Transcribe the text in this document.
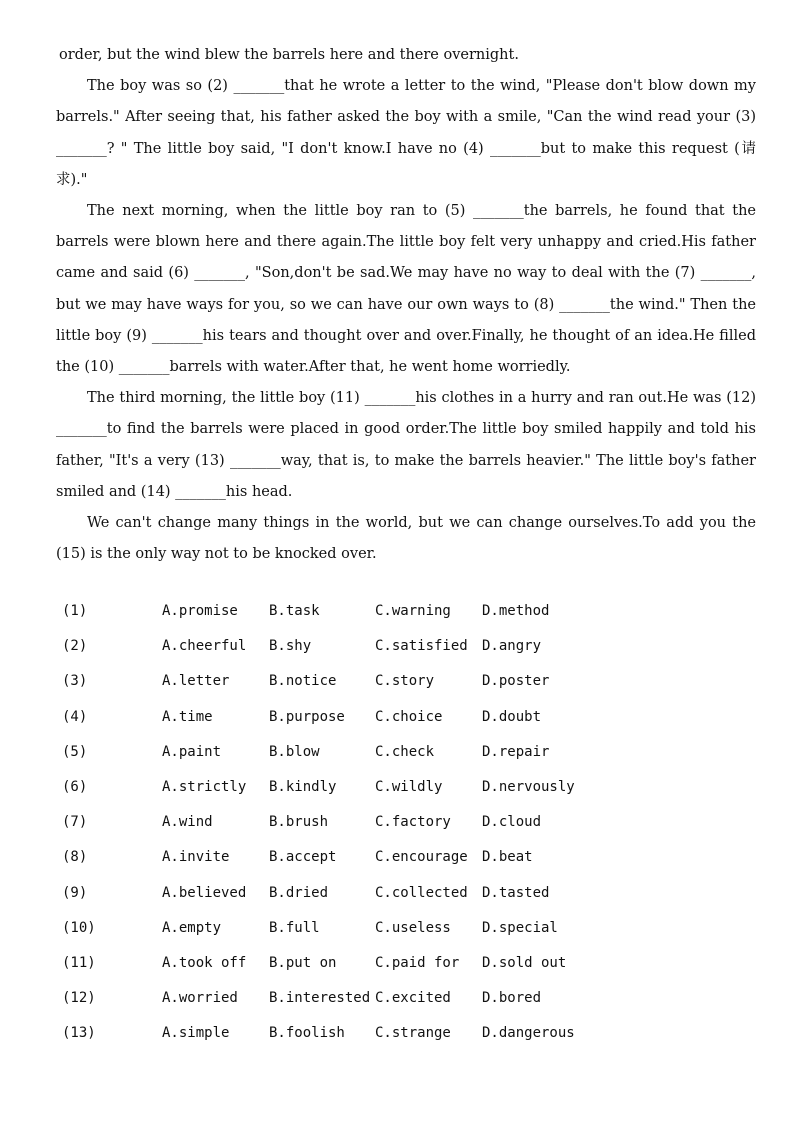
order, but the wind blew the barrels here and there overnight.

The boy was so (2) _______that he wrote a letter to the wind, "Please don't blow down my barrels." After seeing that, his father asked the boy with a smile, "Can the wind read your (3) _______? " The little boy said, "I don't know.I have no (4) _______but to make this request (请求)."

The next morning, when the little boy ran to (5) _______the barrels, he found that the barrels were blown here and there again.The little boy felt very unhappy and cried.His father came and said (6) _______, "Son,don't be sad.We may have no way to deal with the (7) _______, but we may have ways for you, so we can have our own ways to (8) _______the wind." Then the little boy (9) _______his tears and thought over and over.Finally, he thought of an idea.He filled the (10) _______barrels with water.After that, he went home worriedly.

The third morning, the little boy (11) _______his clothes in a hurry and ran out.He was (12) _______to find the barrels were placed in good order.The little boy smiled happily and told his father, "It's a very (13) _______way, that is, to make the barrels heavier." The little boy's father smiled and (14) _______his head.

We can't change many things in the world, but we can change ourselves.To add you the (15) is the only way not to be knocked over.

(1)	A.promise B.task	C.warning D.method
(2)	A.cheerful B.shy	C.satisfied D.angry
(3)	A.letter	B.notice	C.story	D.poster
(4)	A.time	B.purpose C.choice	D.doubt
(5)	A.paint	B.blow	C.check	D.repair
(6)	A.strictly B.kindly	C.wildly	D.nervously
(7)	A.wind	B.brush	C.factory D.cloud
(8)	A.invite	B.accept	C.encourage D.beat
(9)	A.believed B.dried	C.collected D.tasted
(10)	A.empty	B.full	C.useless D.special
(11)	A.took off B.put on	C.paid for D.sold out
(12)	A.worried B.interested C.excited D.bored
(13)	A.simple	B.foolish C.strange D.dangerous
